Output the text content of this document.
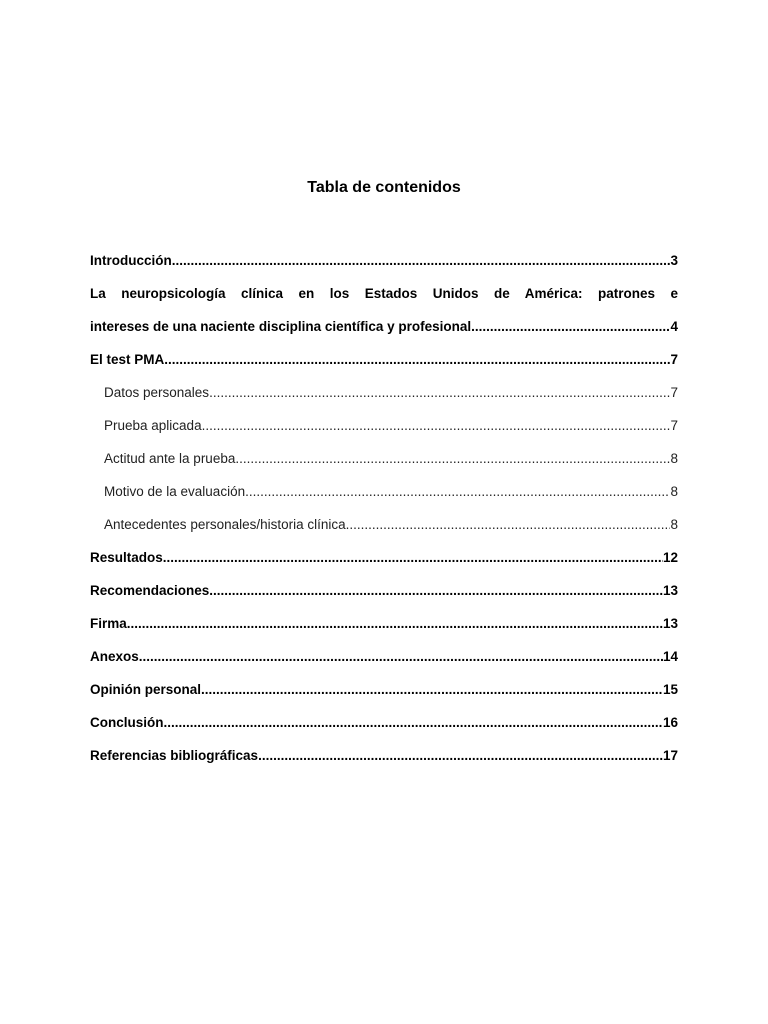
Tabla de contenidos
Introducción .....	3
La neuropsicología clínica en los Estados Unidos de América: patrones e
intereses de una naciente disciplina científica y profesional .....	4
El test PMA .....	7
Datos personales .....	7
Prueba aplicada .....	7
Actitud ante la prueba .....	8
Motivo de la evaluación .....	8
Antecedentes personales/historia clínica .....	8
Resultados .....	12
Recomendaciones .....	13
Firma .....	13
Anexos .....	14
Opinión personal .....	15
Conclusión .....	16
Referencias bibliográficas .....	17
